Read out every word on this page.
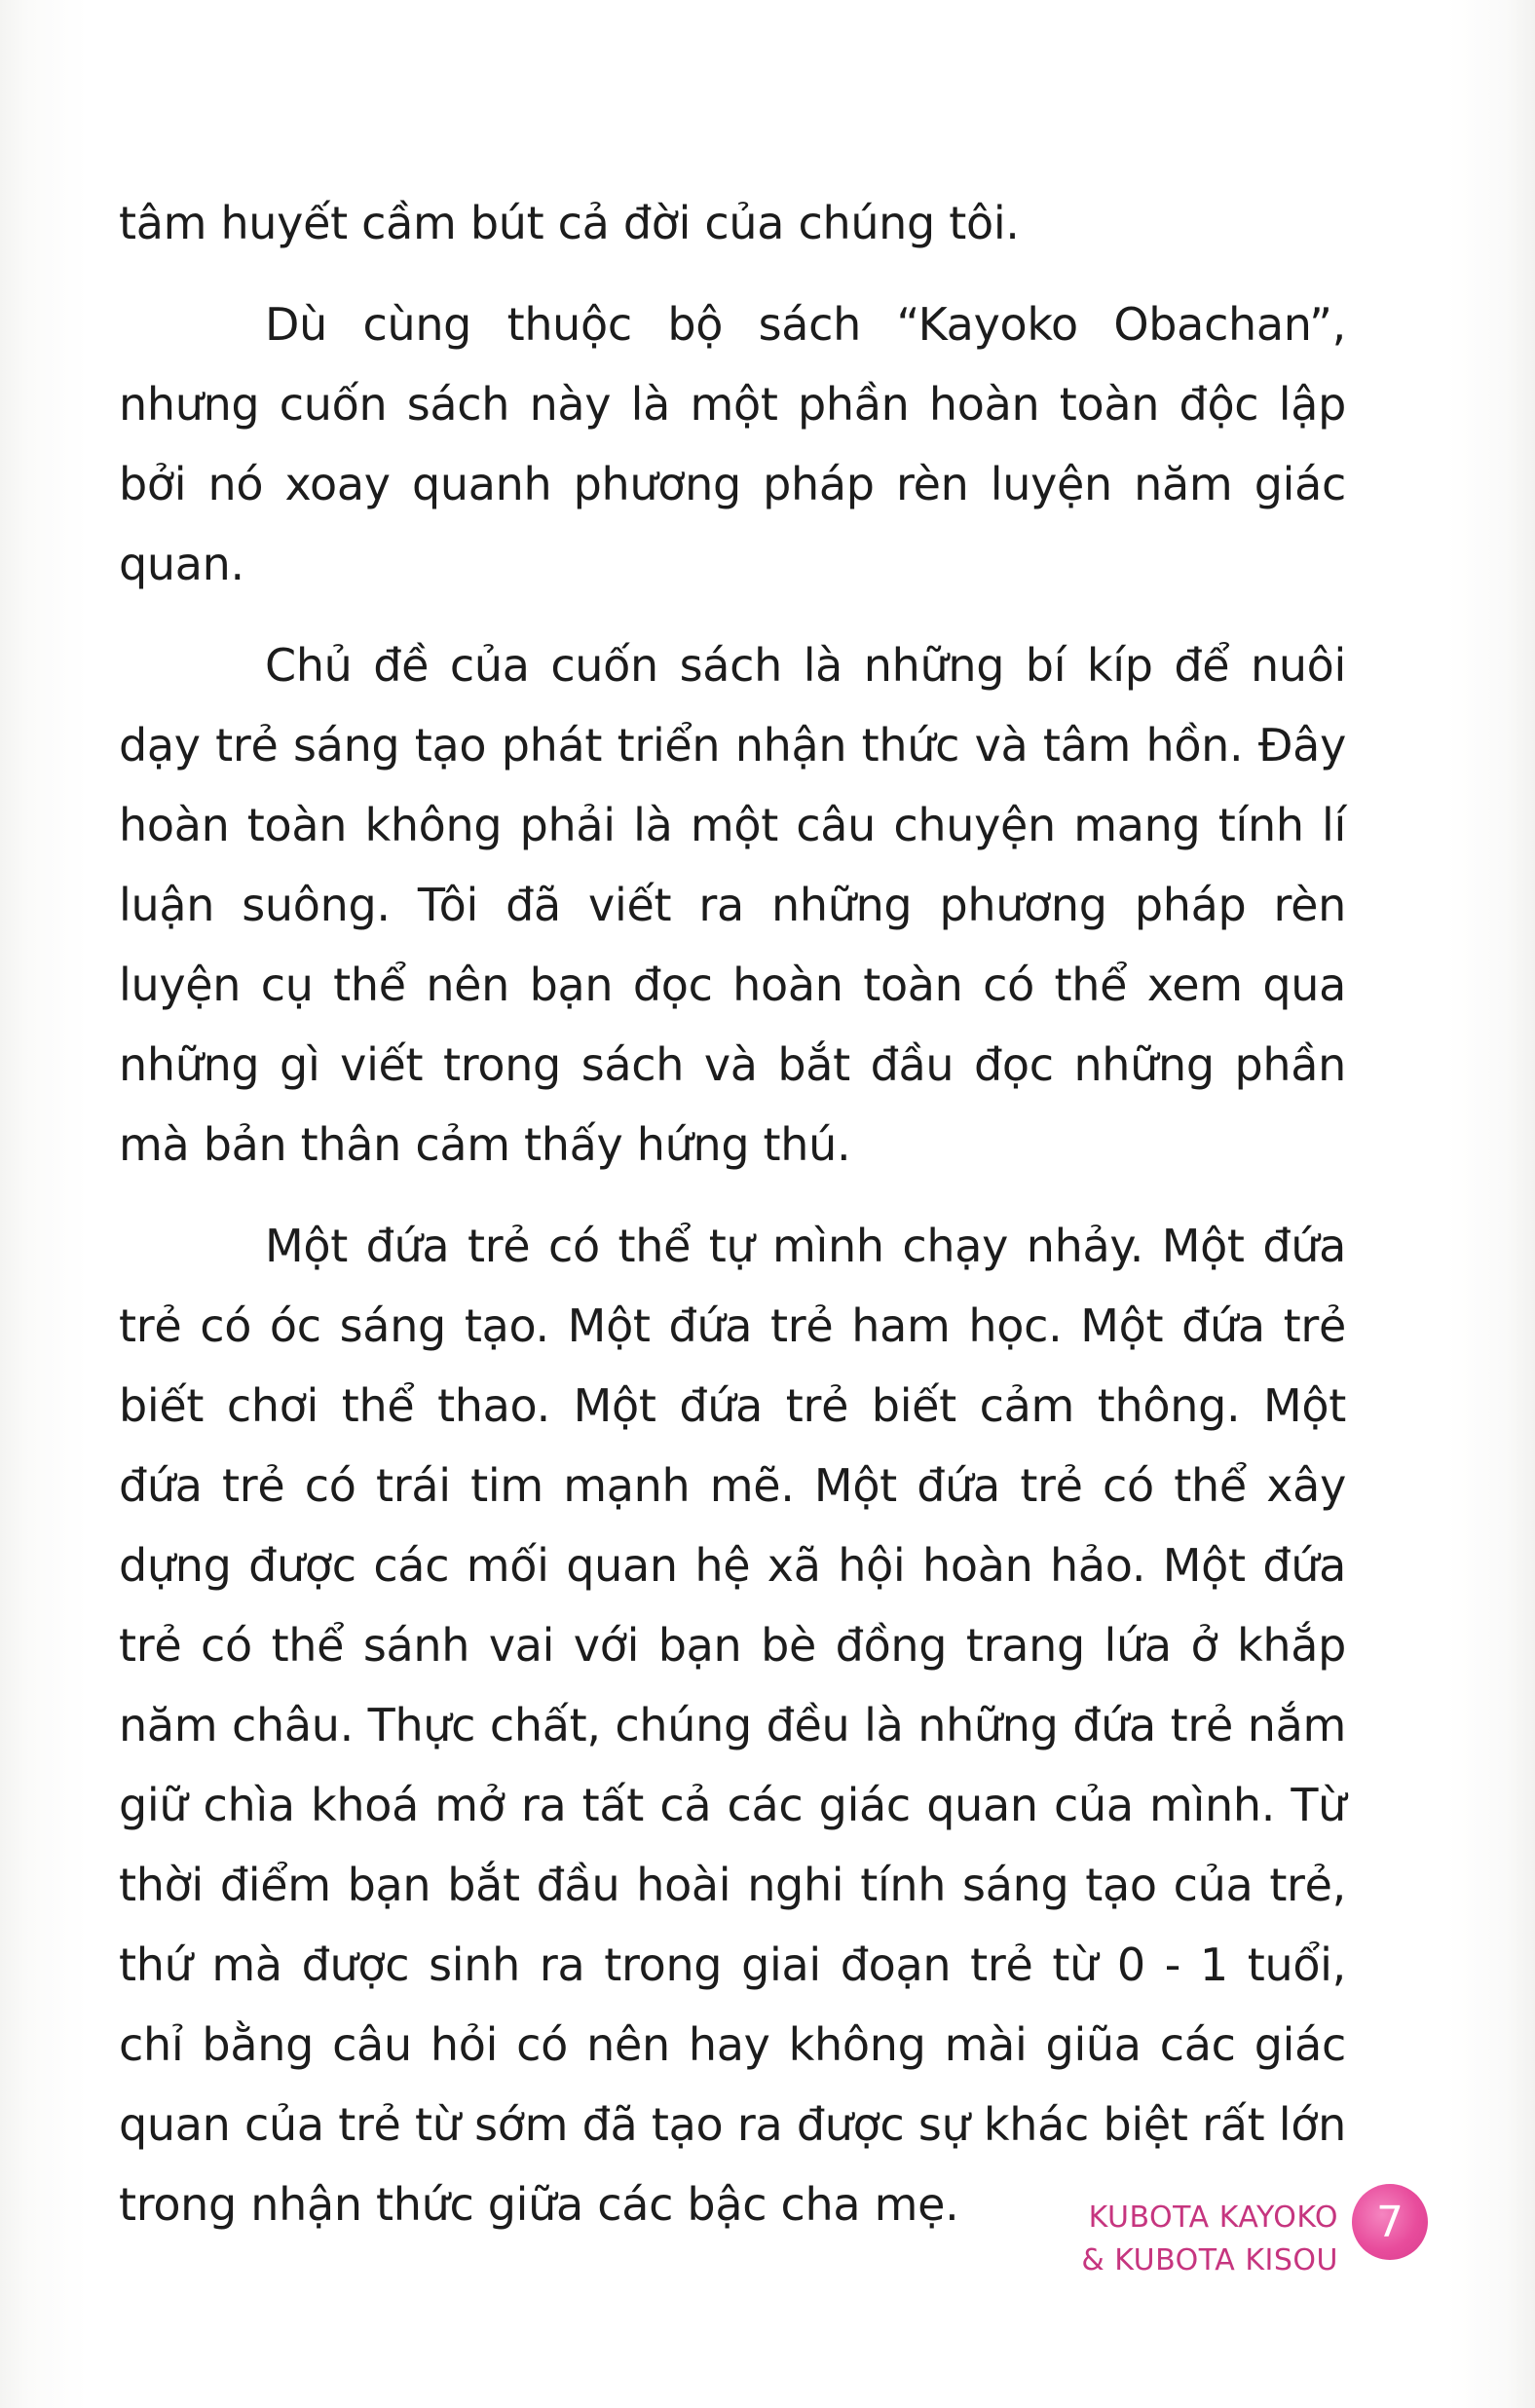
tâm huyết cầm bút cả đời của chúng tôi.

Dù cùng thuộc bộ sách “Kayoko Obachan”, nhưng cuốn sách này là một phần hoàn toàn độc lập bởi nó xoay quanh phương pháp rèn luyện năm giác quan.

Chủ đề của cuốn sách là những bí kíp để nuôi dạy trẻ sáng tạo phát triển nhận thức và tâm hồn. Đây hoàn toàn không phải là một câu chuyện mang tính lí luận suông. Tôi đã viết ra những phương pháp rèn luyện cụ thể nên bạn đọc hoàn toàn có thể xem qua những gì viết trong sách và bắt đầu đọc những phần mà bản thân cảm thấy hứng thú.

Một đứa trẻ có thể tự mình chạy nhảy. Một đứa trẻ có óc sáng tạo. Một đứa trẻ ham học. Một đứa trẻ biết chơi thể thao. Một đứa trẻ biết cảm thông. Một đứa trẻ có trái tim mạnh mẽ. Một đứa trẻ có thể xây dựng được các mối quan hệ xã hội hoàn hảo. Một đứa trẻ có thể sánh vai với bạn bè đồng trang lứa ở khắp năm châu. Thực chất, chúng đều là những đứa trẻ nắm giữ chìa khoá mở ra tất cả các giác quan của mình. Từ thời điểm bạn bắt đầu hoài nghi tính sáng tạo của trẻ, thứ mà được sinh ra trong giai đoạn trẻ từ 0 - 1 tuổi, chỉ bằng câu hỏi có nên hay không mài giũa các giác quan của trẻ từ sớm đã tạo ra được sự khác biệt rất lớn trong nhận thức giữa các bậc cha mẹ.	KUBOTA KAYOKO
& KUBOTA KISOU
7
